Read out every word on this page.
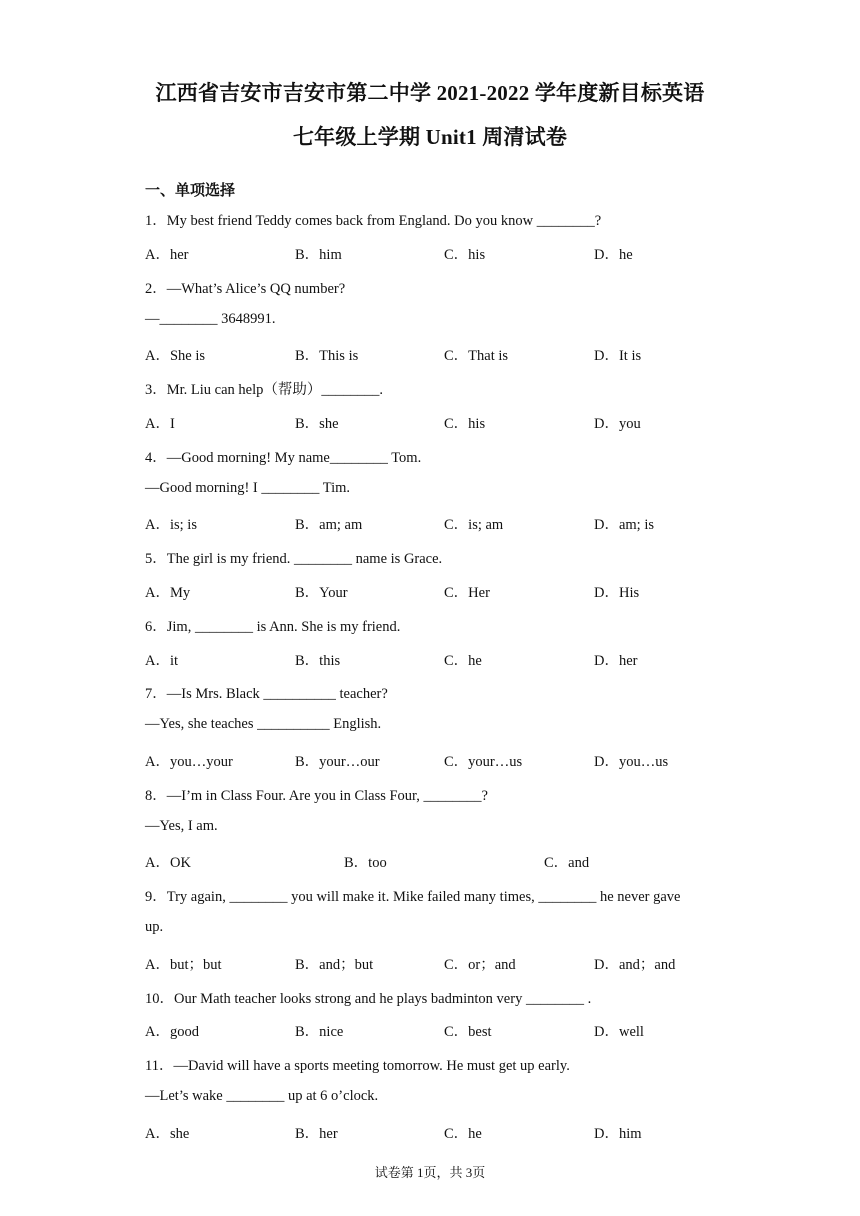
江西省吉安市吉安市第二中学 2021-2022 学年度新目标英语
七年级上学期 Unit1 周清试卷
一、单项选择
1．My best friend Teddy comes back from England. Do you know ________?
A．her	B．him	C．his	D．he
2．—What’s Alice’s QQ number?
—________ 3648991.
A．She is	B．This is	C．That is	D．It is
3．Mr. Liu can help（帮助）________.
A．I	B．she	C．his	D．you
4．—Good morning! My name________ Tom.
—Good morning! I ________ Tim.
A．is; is	B．am; am	C．is; am	D．am; is
5．The girl is my friend. ________ name is Grace.
A．My	B．Your	C．Her	D．His
6．Jim, ________ is Ann. She is my friend.
A．it	B．this	C．he	D．her
7．—Is Mrs. Black __________ teacher?
—Yes, she teaches __________ English.
A．you…your	B．your…our	C．your…us	D．you…us
8．—I’m in Class Four. Are you in Class Four, ________?
—Yes, I am.
A．OK	B．too	C．and
9．Try again, ________ you will make it. Mike failed many times, ________ he never gave
up.
A．but；but	B．and；but	C．or；and	D．and；and
10．Our Math teacher looks strong and he plays badminton very ________ .
A．good	B．nice	C．best	D．well
11．—David will have a sports meeting tomorrow. He must get up early.
—Let’s wake ________ up at 6 o’clock.
A．she	B．her	C．he	D．him
试卷第 1页，共 3页
